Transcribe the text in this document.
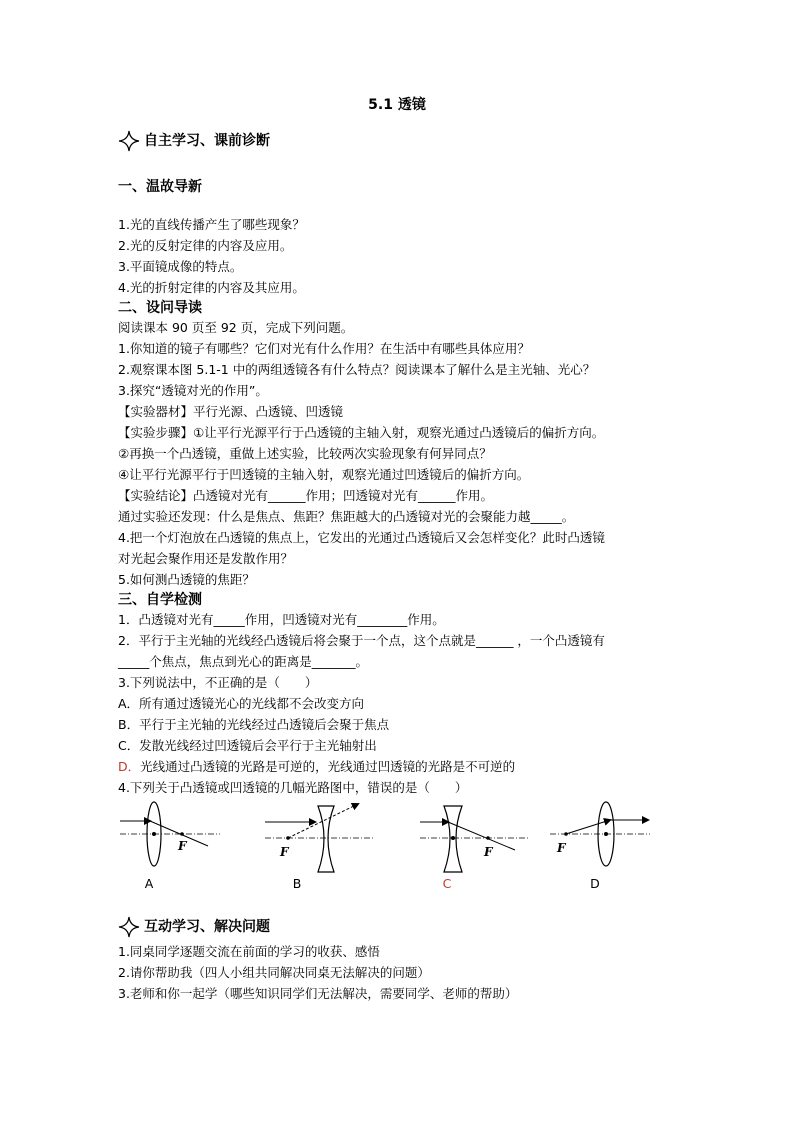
5.1 透镜
自主学习、课前诊断
一、温故导新
1.光的直线传播产生了哪些现象？
2.光的反射定律的内容及应用。
3.平面镜成像的特点。
4.光的折射定律的内容及其应用。
二、设问导读
阅读课本 90 页至 92 页，完成下列问题。
1.你知道的镜子有哪些？它们对光有什么作用？在生活中有哪些具体应用？
2.观察课本图 5.1-1 中的两组透镜各有什么特点？阅读课本了解什么是主光轴、光心？
3.探究“透镜对光的作用”。
【实验器材】平行光源、凸透镜、凹透镜
【实验步骤】①让平行光源平行于凸透镜的主轴入射，观察光通过凸透镜后的偏折方向。
②再换一个凸透镜，重做上述实验，比较两次实验现象有何异同点？
④让平行光源平行于凹透镜的主轴入射，观察光通过凹透镜后的偏折方向。
【实验结论】凸透镜对光有______作用；凹透镜对光有______作用。
通过实验还发现：什么是焦点、焦距？焦距越大的凸透镜对光的会聚能力越_____。
4.把一个灯泡放在凸透镜的焦点上，它发出的光通过凸透镜后又会怎样变化？此时凸透镜
对光起会聚作用还是发散作用？
5.如何测凸透镜的焦距？
三、自学检测
1．凸透镜对光有_____作用，凹透镜对光有________作用。
2．平行于主光轴的光线经凸透镜后将会聚于一个点，这个点就是______ ，一个凸透镜有
_____个焦点，焦点到光心的距离是_______。
3.下列说法中，不正确的是（　　）
A．所有通过透镜光心的光线都不会改变方向
B．平行于主光轴的光线经过凸透镜后会聚于焦点
C．发散光线经过凹透镜后会平行于主光轴射出
D．光线通过凸透镜的光路是可逆的，光线通过凹透镜的光路是不可逆的
4.下列关于凸透镜或凹透镜的几幅光路图中，错误的是（　　）
F	F	F	F
A	B	C	D
互动学习、解决问题
1.同桌同学逐题交流在前面的学习的收获、感悟
2.请你帮助我（四人小组共同解决同桌无法解决的问题）
3.老师和你一起学（哪些知识同学们无法解决，需要同学、老师的帮助）
